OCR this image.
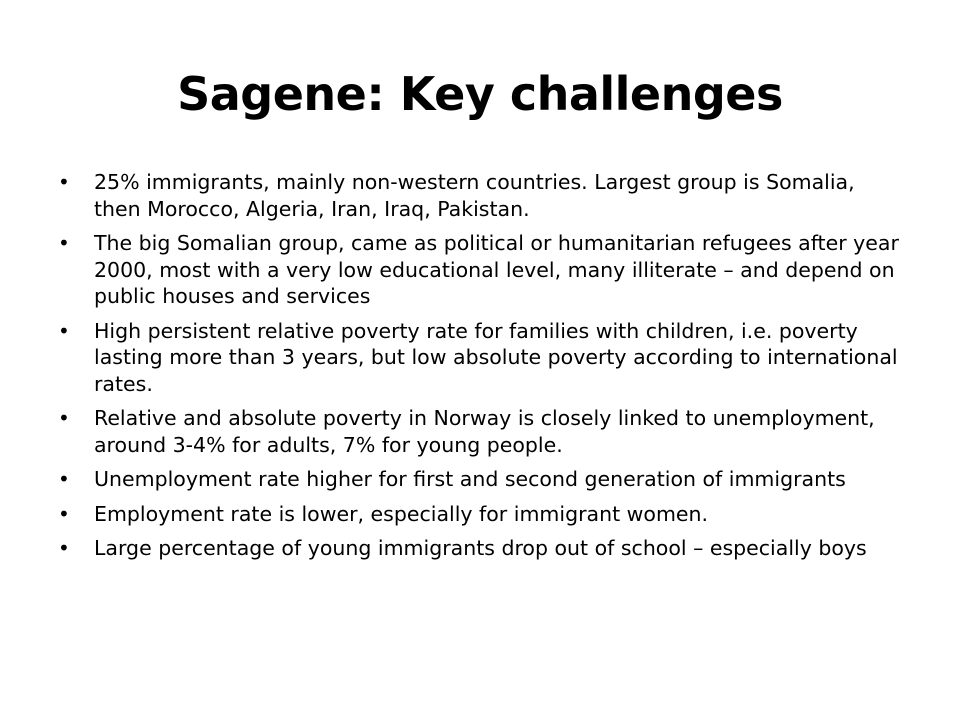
Sagene: Key challenges
• 25% immigrants, mainly non-western countries. Largest group is Somalia, then Morocco, Algeria, Iran, Iraq, Pakistan.
• The big Somalian group, came as political or humanitarian refugees after year 2000, most with a very low educational level, many illiterate – and depend on public houses and services
• High persistent relative poverty rate for families with children, i.e. poverty lasting more than 3 years, but low absolute poverty according to international rates.
• Relative and absolute poverty in Norway is closely linked to unemployment, around 3-4% for adults, 7% for young people.
• Unemployment rate higher for first and second generation of immigrants
• Employment rate is lower, especially for immigrant women.
• Large percentage of young immigrants drop out of school – especially boys
